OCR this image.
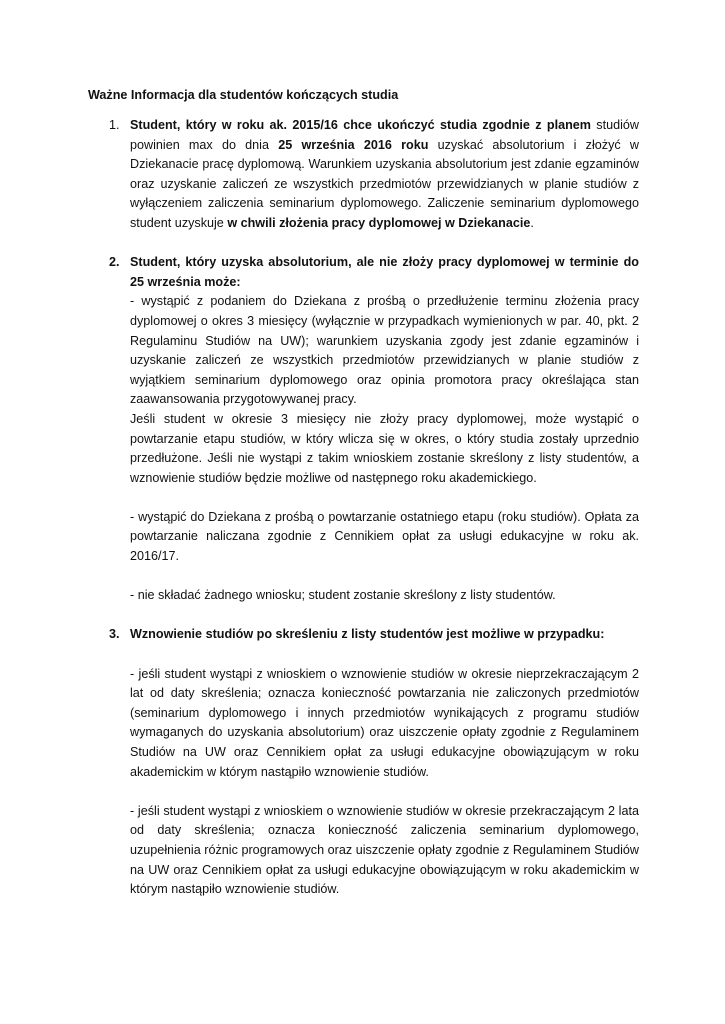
Ważne Informacja dla studentów kończących studia
1. Student, który w roku ak. 2015/16 chce ukończyć studia zgodnie z planem studiów powinien max do dnia 25 września 2016 roku uzyskać absolutorium i złożyć w Dziekanacie pracę dyplomową. Warunkiem uzyskania absolutorium jest zdanie egzaminów oraz uzyskanie zaliczeń ze wszystkich przedmiotów przewidzianych w planie studiów z wyłączeniem zaliczenia seminarium dyplomowego. Zaliczenie seminarium dyplomowego student uzyskuje w chwili złożenia pracy dyplomowej w Dziekanacie.

2. Student, który uzyska absolutorium, ale nie złoży pracy dyplomowej w terminie do 25 września może:

- wystąpić z podaniem do Dziekana z prośbą o przedłużenie terminu złożenia pracy dyplomowej o okres 3 miesięcy (wyłącznie w przypadkach wymienionych w par. 40, pkt. 2 Regulaminu Studiów na UW); warunkiem uzyskania zgody jest zdanie egzaminów i uzyskanie zaliczeń ze wszystkich przedmiotów przewidzianych w planie studiów z wyjątkiem seminarium dyplomowego oraz opinia promotora pracy określająca stan zaawansowania przygotowywanej pracy.

Jeśli student w okresie 3 miesięcy nie złoży pracy dyplomowej, może wystąpić o powtarzanie etapu studiów, w który wlicza się w okres, o który studia zostały uprzednio przedłużone. Jeśli nie wystąpi z takim wnioskiem zostanie skreślony z listy studentów, a wznowienie studiów będzie możliwe od następnego roku akademickiego.

- wystąpić do Dziekana z prośbą o powtarzanie ostatniego etapu (roku studiów). Opłata za powtarzanie naliczana zgodnie z Cennikiem opłat za usługi edukacyjne w roku ak. 2016/17.

- nie składać żadnego wniosku; student zostanie skreślony z listy studentów.

3. Wznowienie studiów po skreśleniu z listy studentów jest możliwe w przypadku:

- jeśli student wystąpi z wnioskiem o wznowienie studiów w okresie nieprzekraczającym 2 lat od daty skreślenia; oznacza konieczność powtarzania nie zaliczonych przedmiotów (seminarium dyplomowego i innych przedmiotów wynikających z programu studiów wymaganych do uzyskania absolutorium) oraz uiszczenie opłaty zgodnie z Regulaminem Studiów na UW oraz Cennikiem opłat za usługi edukacyjne obowiązującym w roku akademickim w którym nastąpiło wznowienie studiów.

- jeśli student wystąpi z wnioskiem o wznowienie studiów w okresie przekraczającym 2 lata od daty skreślenia; oznacza konieczność zaliczenia seminarium dyplomowego, uzupełnienia różnic programowych oraz uiszczenie opłaty zgodnie z Regulaminem Studiów na UW oraz Cennikiem opłat za usługi edukacyjne obowiązującym w roku akademickim w którym nastąpiło wznowienie studiów.
